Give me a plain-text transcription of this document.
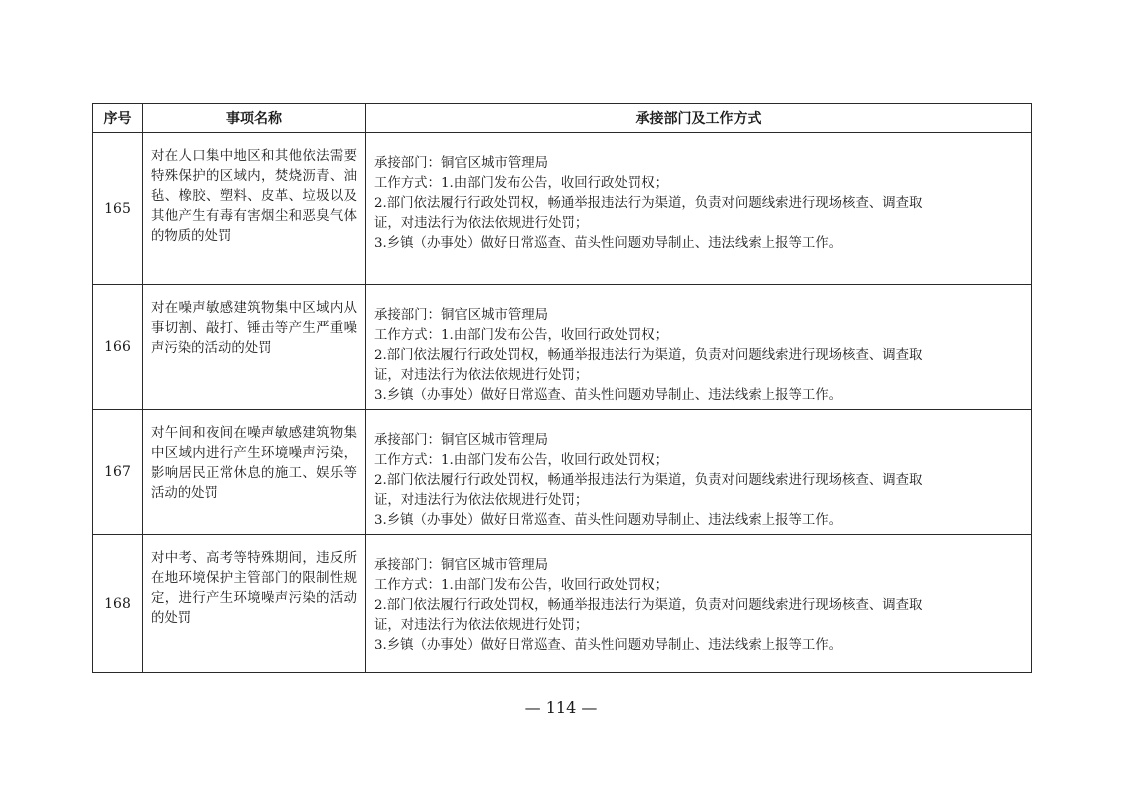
序号	事项名称	承接部门及工作方式
165	对在人口集中地区和其他依法需要特殊保护的区域内，焚烧沥青、油毡、橡胶、塑料、皮革、垃圾以及其他产生有毒有害烟尘和恶臭气体的物质的处罚	承接部门：铜官区城市管理局
工作方式：1.由部门发布公告，收回行政处罚权；
2.部门依法履行行政处罚权，畅通举报违法行为渠道，负责对问题线索进行现场核查、调查取
证，对违法行为依法依规进行处罚；
3.乡镇（办事处）做好日常巡查、苗头性问题劝导制止、违法线索上报等工作。

166	对在噪声敏感建筑物集中区域内从事切割、敲打、锤击等产生严重噪声污染的活动的处罚	承接部门：铜官区城市管理局
工作方式：1.由部门发布公告，收回行政处罚权；
2.部门依法履行行政处罚权，畅通举报违法行为渠道，负责对问题线索进行现场核查、调查取
证，对违法行为依法依规进行处罚；
3.乡镇（办事处）做好日常巡查、苗头性问题劝导制止、违法线索上报等工作。

167	对午间和夜间在噪声敏感建筑物集中区域内进行产生环境噪声污染，影响居民正常休息的施工、娱乐等活动的处罚	承接部门：铜官区城市管理局
工作方式：1.由部门发布公告，收回行政处罚权；
2.部门依法履行行政处罚权，畅通举报违法行为渠道，负责对问题线索进行现场核查、调查取
证，对违法行为依法依规进行处罚；
3.乡镇（办事处）做好日常巡查、苗头性问题劝导制止、违法线索上报等工作。

168	对中考、高考等特殊期间，违反所在地环境保护主管部门的限制性规定，进行产生环境噪声污染的活动的处罚	承接部门：铜官区城市管理局
工作方式：1.由部门发布公告，收回行政处罚权；
2.部门依法履行行政处罚权，畅通举报违法行为渠道，负责对问题线索进行现场核查、调查取
证，对违法行为依法依规进行处罚；
3.乡镇（办事处）做好日常巡查、苗头性问题劝导制止、违法线索上报等工作。
— 114 —
